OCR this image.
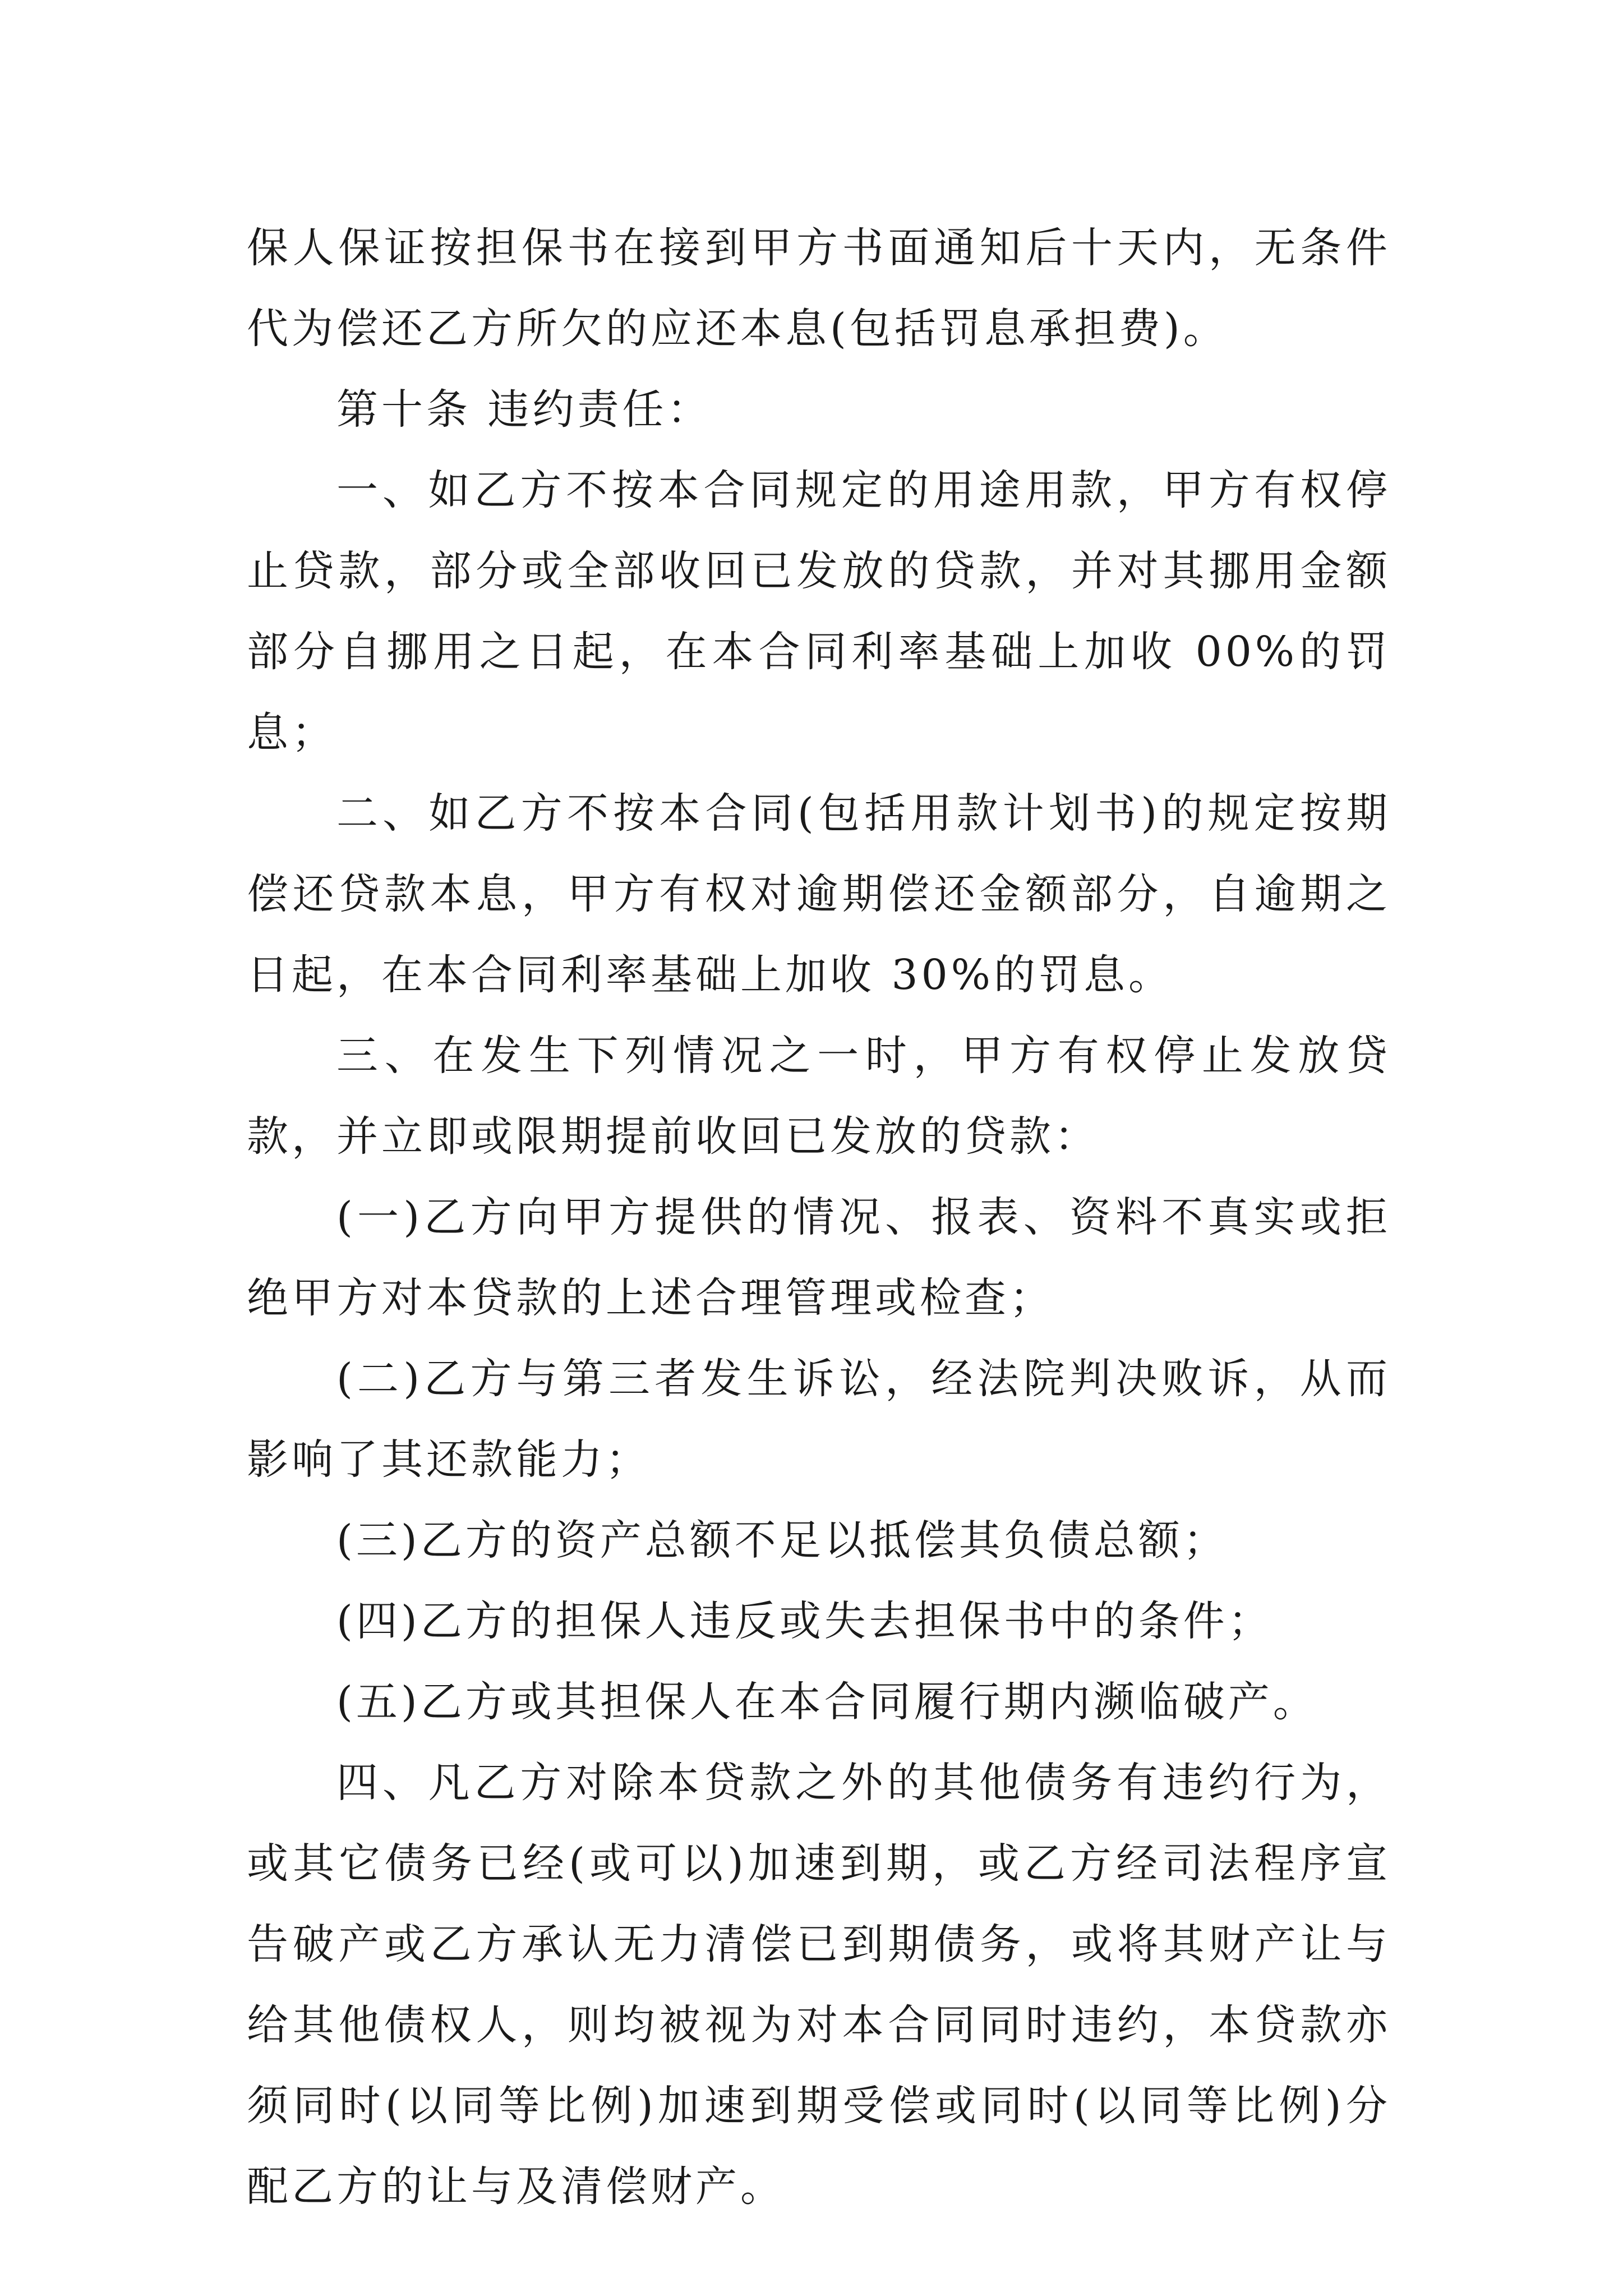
保人保证按担保书在接到甲方书面通知后十天内，无条件代为偿还乙方所欠的应还本息(包括罚息承担费)。

第十条 违约责任：

一、如乙方不按本合同规定的用途用款，甲方有权停止贷款，部分或全部收回已发放的贷款，并对其挪用金额部分自挪用之日起，在本合同利率基础上加收 00%的罚息；

二、如乙方不按本合同(包括用款计划书)的规定按期偿还贷款本息，甲方有权对逾期偿还金额部分，自逾期之日起，在本合同利率基础上加收 30%的罚息。

三、在发生下列情况之一时，甲方有权停止发放贷款，并立即或限期提前收回已发放的贷款：

(一)乙方向甲方提供的情况、报表、资料不真实或拒绝甲方对本贷款的上述合理管理或检查；

(二)乙方与第三者发生诉讼，经法院判决败诉，从而影响了其还款能力；

(三)乙方的资产总额不足以抵偿其负债总额；

(四)乙方的担保人违反或失去担保书中的条件；

(五)乙方或其担保人在本合同履行期内濒临破产。

四、凡乙方对除本贷款之外的其他债务有违约行为，或其它债务已经(或可以)加速到期，或乙方经司法程序宣告破产或乙方承认无力清偿已到期债务，或将其财产让与给其他债权人，则均被视为对本合同同时违约，本贷款亦须同时(以同等比例)加速到期受偿或同时(以同等比例)分配乙方的让与及清偿财产。
